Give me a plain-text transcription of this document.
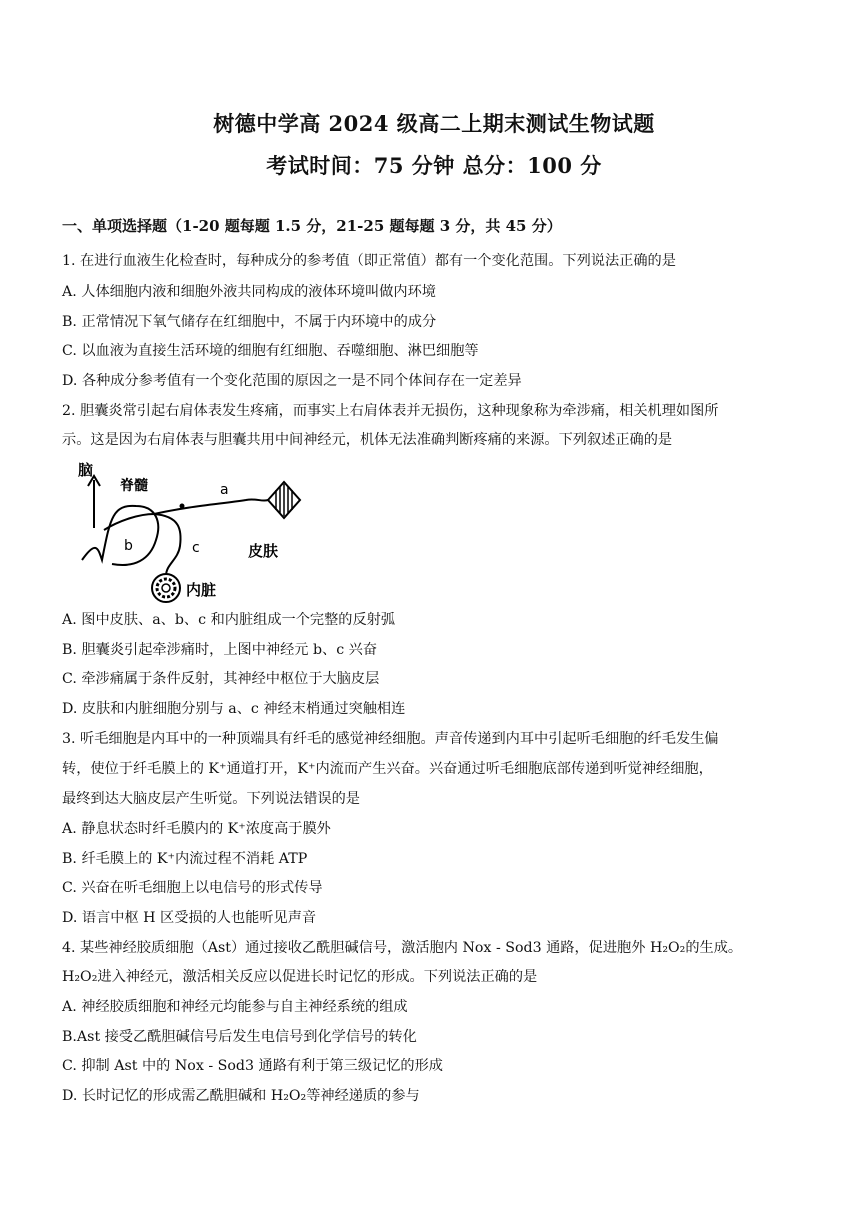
树德中学高 2024 级高二上期末测试生物试题
考试时间：75 分钟 总分：100 分
一、单项选择题（1-20 题每题 1.5 分，21-25 题每题 3 分，共 45 分）
1. 在进行血液生化检查时，每种成分的参考值（即正常值）都有一个变化范围。下列说法正确的是
A. 人体细胞内液和细胞外液共同构成的液体环境叫做内环境
B. 正常情况下氧气储存在红细胞中，不属于内环境中的成分
C. 以血液为直接生活环境的细胞有红细胞、吞噬细胞、淋巴细胞等
D. 各种成分参考值有一个变化范围的原因之一是不同个体间存在一定差异
2. 胆囊炎常引起右肩体表发生疼痛，而事实上右肩体表并无损伤，这种现象称为牵涉痛，相关机理如图所
示。这是因为右肩体表与胆囊共用中间神经元，机体无法准确判断疼痛的来源。下列叙述正确的是
脑
脊髓
b
a
c	皮肤
内脏
A. 图中皮肤、a、b、c 和内脏组成一个完整的反射弧
B. 胆囊炎引起牵涉痛时，上图中神经元 b、c 兴奋
C. 牵涉痛属于条件反射，其神经中枢位于大脑皮层
D. 皮肤和内脏细胞分别与 a、c 神经末梢通过突触相连
3. 听毛细胞是内耳中的一种顶端具有纤毛的感觉神经细胞。声音传递到内耳中引起听毛细胞的纤毛发生偏
转，使位于纤毛膜上的 K⁺通道打开，K⁺内流而产生兴奋。兴奋通过听毛细胞底部传递到听觉神经细胞，
最终到达大脑皮层产生听觉。下列说法错误的是
A. 静息状态时纤毛膜内的 K⁺浓度高于膜外
B. 纤毛膜上的 K⁺内流过程不消耗 ATP
C. 兴奋在听毛细胞上以电信号的形式传导
D. 语言中枢 H 区受损的人也能听见声音
4. 某些神经胶质细胞（Ast）通过接收乙酰胆碱信号，激活胞内 Nox - Sod3 通路，促进胞外 H₂O₂的生成。
H₂O₂进入神经元，激活相关反应以促进长时记忆的形成。下列说法正确的是
A. 神经胶质细胞和神经元均能参与自主神经系统的组成
B.Ast 接受乙酰胆碱信号后发生电信号到化学信号的转化
C. 抑制 Ast 中的 Nox - Sod3 通路有利于第三级记忆的形成
D. 长时记忆的形成需乙酰胆碱和 H₂O₂等神经递质的参与
